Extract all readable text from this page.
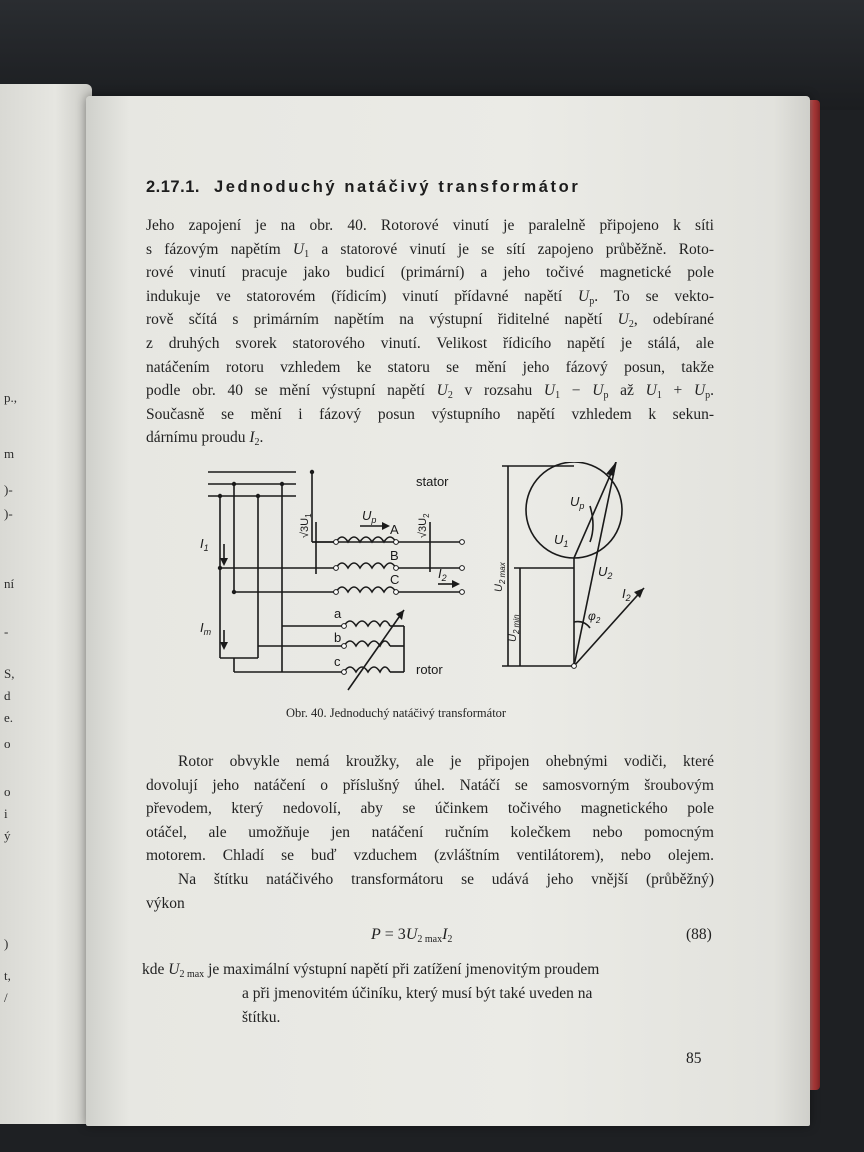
p.,
m
)-
)-
ní
-
S,
d
e.
o
o
i
ý
)
t,
/
2.17.1. Jednoduchý natáčivý transformátor
Jeho zapojení je na obr. 40. Rotorové vinutí je paralelně připojeno k síti
s fázovým napětím $U_1$ a statorové vinutí je se sítí zapojeno průběžně. Roto-
rové vinutí pracuje jako budicí (primární) a jeho točivé magnetické pole
indukuje ve statorovém (řídicím) vinutí přídavné napětí $U_p$. To se vekto-
rově sčítá s primárním napětím na výstupní řiditelné napětí $U_2$, odebírané
z druhých svorek statorového vinutí. Velikost řídicího napětí je stálá, ale
natáčením rotoru vzhledem ke statoru se mění jeho fázový posun, takže
podle obr. 40 se mění výstupní napětí $U_2$ v rozsahu $U_1 - U_p$ až $U_1 + U_p$.
Současně se mění i fázový posun výstupního napětí vzhledem k sekun-
dárnímu proudu $I_2$.
stator
rotor
A
B
C
a
b
c
$I_1$
$I_m$
$U_p$
$I_2$
$√3U_1$
$√3U_2$
$U_{2 max}$
$U_{2 min}$
$U_p$
$U_1$
$U_2$
$I_2$
$\varphi_2$
Obr. 40. Jednoduchý natáčivý transformátor
Rotor obvykle nemá kroužky, ale je připojen ohebnými vodiči, které
dovolují jeho natáčení o příslušný úhel. Natáčí se samosvorným šroubovým
převodem, který nedovolí, aby se účinkem točivého magnetického pole
otáčel, ale umožňuje jen natáčení ručním kolečkem nebo pomocným
motorem. Chladí se buď vzduchem (zvláštním ventilátorem), nebo olejem.
Na štítku natáčivého transformátoru se udává jeho vnější (průběžný)
výkon
$P = 3U_{2 max}I_2$	(88)
kde $U_{2 max}$ je maximální výstupní napětí při zatížení jmenovitým proudem
a při jmenovitém účiníku, který musí být také uveden na
štítku.
85
